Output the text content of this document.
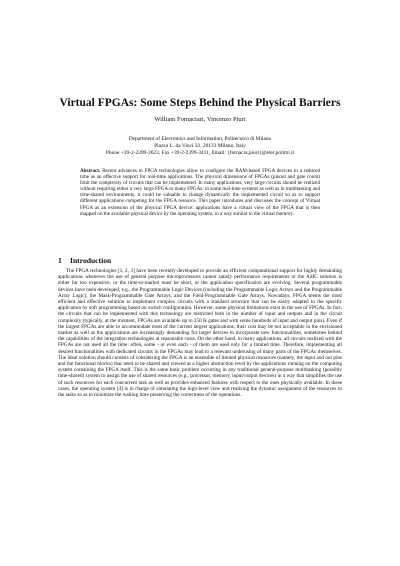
Virtual FPGAs: Some Steps Behind the Physical Barriers
William Fornaciari, Vincenzo Piuri
Department of Electronics and Information, Politecnico di Milano
Piazza L. da Vinci 32, 20133 Milano, Italy
Phone +39-2-2399-3623, Fax +39-2-2399-3411, Email: {fornacia,piuri}@elet.polimi.it
Abstract. Recent advances in FPGA technologies allow to configure the RAM-based FPGA devices in a reduced time as an effective support for real-time applications. The physical dimensions of FPGAs (pinout and gate count) limit the complexity of circuits that can be implemented. In many applications, very large circuits should be realized without requiring either a very large FPGA or many FPGAs: in some real-time systems as well as in multitasking and time-shared environments, it could be valuable to change dynamically the implemented circuit so as to support different applications competing for the FPGA resource. This paper introduces and discusses the concept of Virtual FPGA as an extension of the physical FPGA device: applications have a virtual view of the FPGA that is then mapped on the available physical device by the operating system, in a way similar to the virtual memory.
1 Introduction
The FPGA technologies [1, 2, 3] have been recently developed to provide an efficient computational support for highly demanding applications whenever the use of general purpose microprocessors cannot satisfy performance requirements or the ASIC solution is either far too expensive, or the time-to-market must be short, or the application specification are evolving. Several programmable devices have been developed, e.g., the Programmable Logic Devices (including the Programmable Logic Arrays and the Programmable Array Logic), the Mask-Programmable Gate Arrays, and the Field-Programmable Gate Arrays. Nowadays, FPGA seems the most efficient and effective solution to implement complex circuits with a standard structure that can be easily adapted to the specific application by soft programming based on switch configuration. However, some physical limitations exist in the use of FPGAs. In fact, the circuits that can be implemented with this technology are restricted both in the number of input and outputs and in the circuit complexity (typically, at the moment, FPGAs are available up to 250 K gates and with some hundreds of input and output pins). Even if the largest FPGAs are able to accommodate most of the current largest applications, their cost may be not acceptable in the envisioned market as well as the applications are increasingly demanding for larger devices to incorporate new functionalities, sometimes behind the capabilities of the integration technologies at reasonable costs. On the other hand, in many applications, all circuits realized with the FPGAs are not used all the time: often, some - or even each - of them are used only for a limited time. Therefore, implementing all desired functionalities with dedicated circuits in the FPGAs may lead to a relevant underusing of many parts of the FPGAs themselves. The ideal solution should consists of considering the FPGA is an ensemble of limited physical resources (namely, the input and out pins and the functional blocks) that need to be shared and viewed at a higher abstraction level by the applications running on the computing system containing the FPGA itself. This is the same basic problem occurring in any traditional general-purpose multitasking (possibly time-shared) system to assign the use of shared resources (e.g., processor, memory, input/output devices) in a way that simplifies the use of such resources for each concurrent task as well as provides enhanced features with respect to the ones physically available. In these cases, the operating system [4] is in charge of simulating the high-level view and realizing the dynamic assignment of the resources to the tasks so as to minimize the waiting time preserving the correctness of the operations.
